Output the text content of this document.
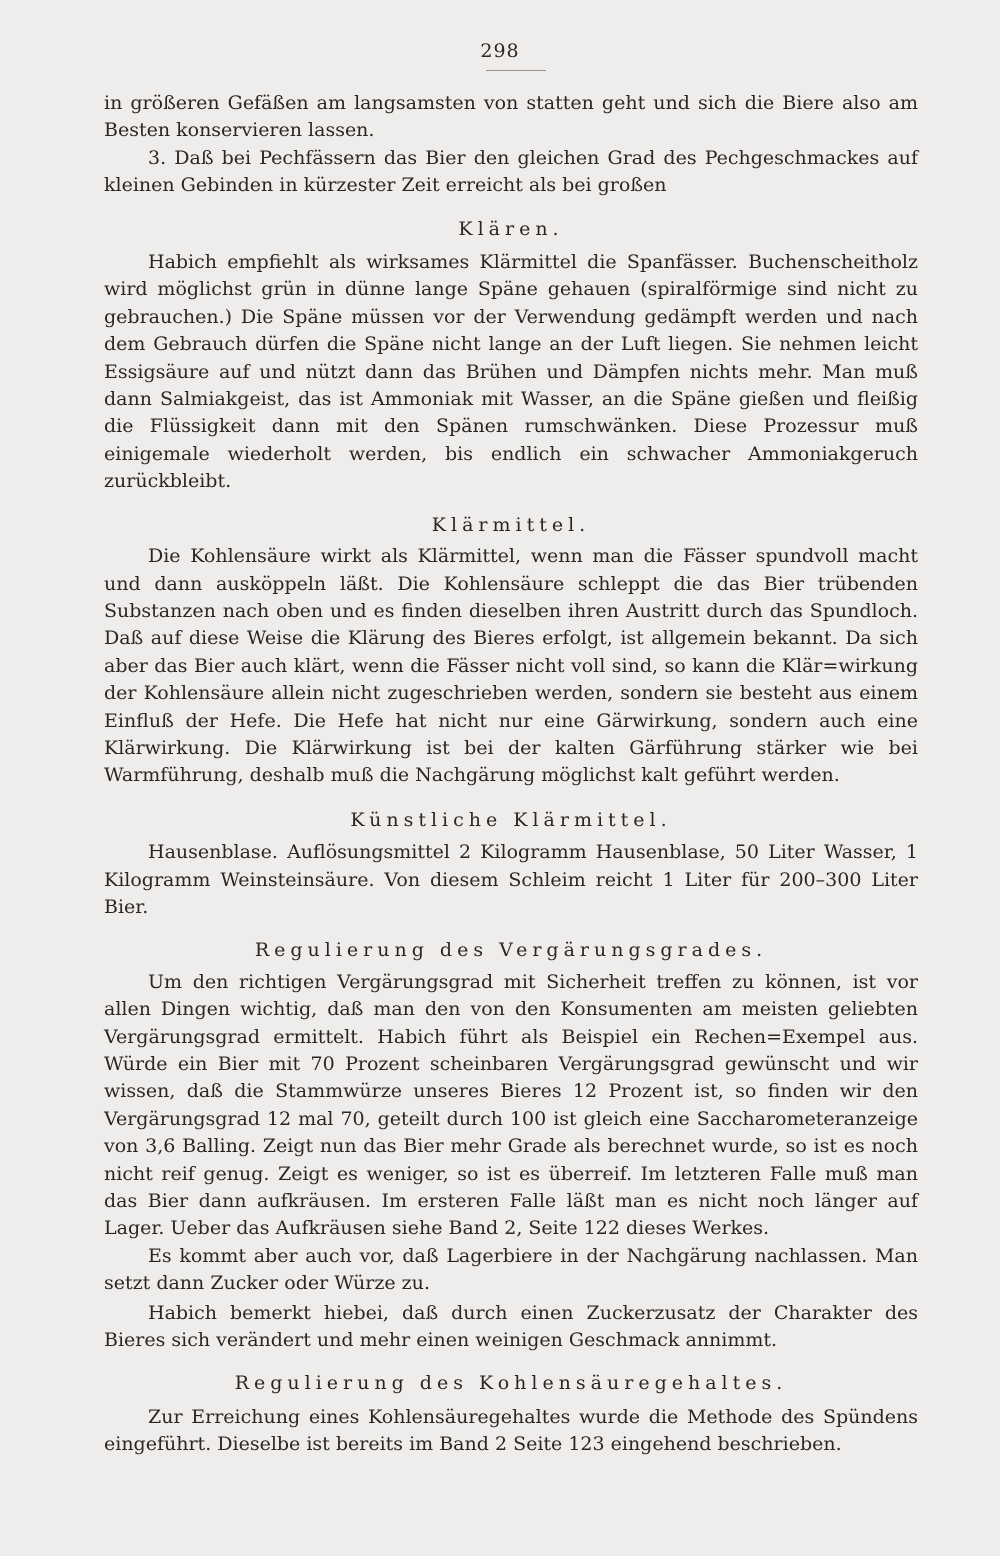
298

in größeren Gefäßen am langsamsten von statten geht und sich die Biere also am Besten konservieren lassen.

3. Daß bei Pechfässern das Bier den gleichen Grad des Pechgeschmackes auf kleinen Gebinden in kürzester Zeit erreicht als bei großen

Klären.

Habich empfiehlt als wirksames Klärmittel die Spanfässer. Buchenscheitholz wird möglichst grün in dünne lange Späne gehauen (spiralförmige sind nicht zu gebrauchen.) Die Späne müssen vor der Verwendung gedämpft werden und nach dem Gebrauch dürfen die Späne nicht lange an der Luft liegen. Sie nehmen leicht Essigsäure auf und nützt dann das Brühen und Dämpfen nichts mehr. Man muß dann Salmiakgeist, das ist Ammoniak mit Wasser, an die Späne gießen und fleißig die Flüssigkeit dann mit den Spänen rumschwänken. Diese Prozessur muß einigemale wiederholt werden, bis endlich ein schwacher Ammoniakgeruch zurückbleibt.

Klärmittel.

Die Kohlensäure wirkt als Klärmittel, wenn man die Fässer spundvoll macht und dann ausköppeln läßt. Die Kohlensäure schleppt die das Bier trübenden Substanzen nach oben und es finden dieselben ihren Austritt durch das Spundloch. Daß auf diese Weise die Klärung des Bieres erfolgt, ist allgemein bekannt. Da sich aber das Bier auch klärt, wenn die Fässer nicht voll sind, so kann die Klär=wirkung der Kohlensäure allein nicht zugeschrieben werden, sondern sie besteht aus einem Einfluß der Hefe. Die Hefe hat nicht nur eine Gärwirkung, sondern auch eine Klärwirkung. Die Klärwirkung ist bei der kalten Gärführung stärker wie bei Warmführung, deshalb muß die Nachgärung möglichst kalt geführt werden.

Künstliche Klärmittel.

Hausenblase. Auflösungsmittel 2 Kilogramm Hausenblase, 50 Liter Wasser, 1 Kilogramm Weinsteinsäure. Von diesem Schleim reicht 1 Liter für 200–300 Liter Bier.

Regulierung des Vergärungsgrades.

Um den richtigen Vergärungsgrad mit Sicherheit treffen zu können, ist vor allen Dingen wichtig, daß man den von den Konsumenten am meisten geliebten Vergärungsgrad ermittelt. Habich führt als Beispiel ein Rechen=Exempel aus. Würde ein Bier mit 70 Prozent scheinbaren Vergärungsgrad gewünscht und wir wissen, daß die Stammwürze unseres Bieres 12 Prozent ist, so finden wir den Vergärungsgrad 12 mal 70, geteilt durch 100 ist gleich eine Saccharometeranzeige von 3,6 Balling. Zeigt nun das Bier mehr Grade als berechnet wurde, so ist es noch nicht reif genug. Zeigt es weniger, so ist es überreif. Im letzteren Falle muß man das Bier dann aufkräusen. Im ersteren Falle läßt man es nicht noch länger auf Lager. Ueber das Aufkräusen siehe Band 2, Seite 122 dieses Werkes.

Es kommt aber auch vor, daß Lagerbiere in der Nachgärung nachlassen. Man setzt dann Zucker oder Würze zu.

Habich bemerkt hiebei, daß durch einen Zuckerzusatz der Charakter des Bieres sich verändert und mehr einen weinigen Geschmack annimmt.

Regulierung des Kohlensäuregehaltes.

Zur Erreichung eines Kohlensäuregehaltes wurde die Methode des Spündens eingeführt. Dieselbe ist bereits im Band 2 Seite 123 eingehend beschrieben.
